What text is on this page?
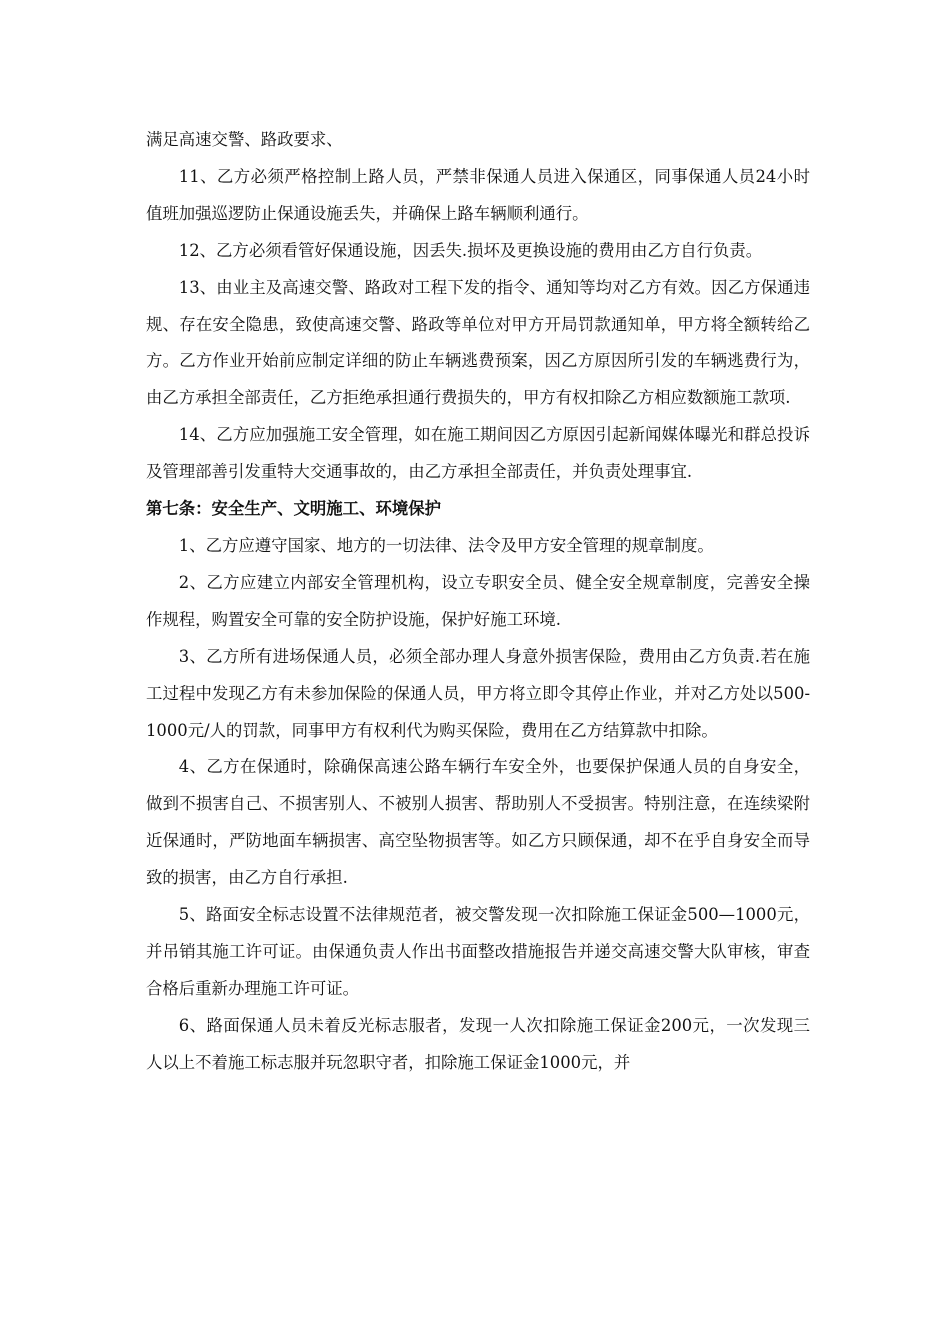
满足高速交警、路政要求、

11、乙方必须严格控制上路人员，严禁非保通人员进入保通区，同事保通人员24小时值班加强巡逻防止保通设施丢失，并确保上路车辆顺利通行。

12、乙方必须看管好保通设施，因丢失.损坏及更换设施的费用由乙方自行负责。

13、由业主及高速交警、路政对工程下发的指令、通知等均对乙方有效。因乙方保通违规、存在安全隐患，致使高速交警、路政等单位对甲方开局罚款通知单，甲方将全额转给乙方。乙方作业开始前应制定详细的防止车辆逃费预案，因乙方原因所引发的车辆逃费行为，由乙方承担全部责任，乙方拒绝承担通行费损失的，甲方有权扣除乙方相应数额施工款项.

14、乙方应加强施工安全管理，如在施工期间因乙方原因引起新闻媒体曝光和群总投诉及管理部善引发重特大交通事故的，由乙方承担全部责任，并负责处理事宜.

第七条：安全生产、文明施工、环境保护

1、乙方应遵守国家、地方的一切法律、法令及甲方安全管理的规章制度。

2、乙方应建立内部安全管理机构，设立专职安全员、健全安全规章制度，完善安全操作规程，购置安全可靠的安全防护设施，保护好施工环境.

3、乙方所有进场保通人员，必须全部办理人身意外损害保险，费用由乙方负责.若在施工过程中发现乙方有未参加保险的保通人员，甲方将立即令其停止作业，并对乙方处以500-1000元/人的罚款，同事甲方有权利代为购买保险，费用在乙方结算款中扣除。

4、乙方在保通时，除确保高速公路车辆行车安全外，也要保护保通人员的自身安全，做到不损害自己、不损害别人、不被别人损害、帮助别人不受损害。特别注意，在连续梁附近保通时，严防地面车辆损害、高空坠物损害等。如乙方只顾保通，却不在乎自身安全而导致的损害，由乙方自行承担.

5、路面安全标志设置不法律规范者，被交警发现一次扣除施工保证金500—1000元，并吊销其施工许可证。由保通负责人作出书面整改措施报告并递交高速交警大队审核，审查合格后重新办理施工许可证。

6、路面保通人员未着反光标志服者，发现一人次扣除施工保证金200元，一次发现三人以上不着施工标志服并玩忽职守者，扣除施工保证金1000元，并
